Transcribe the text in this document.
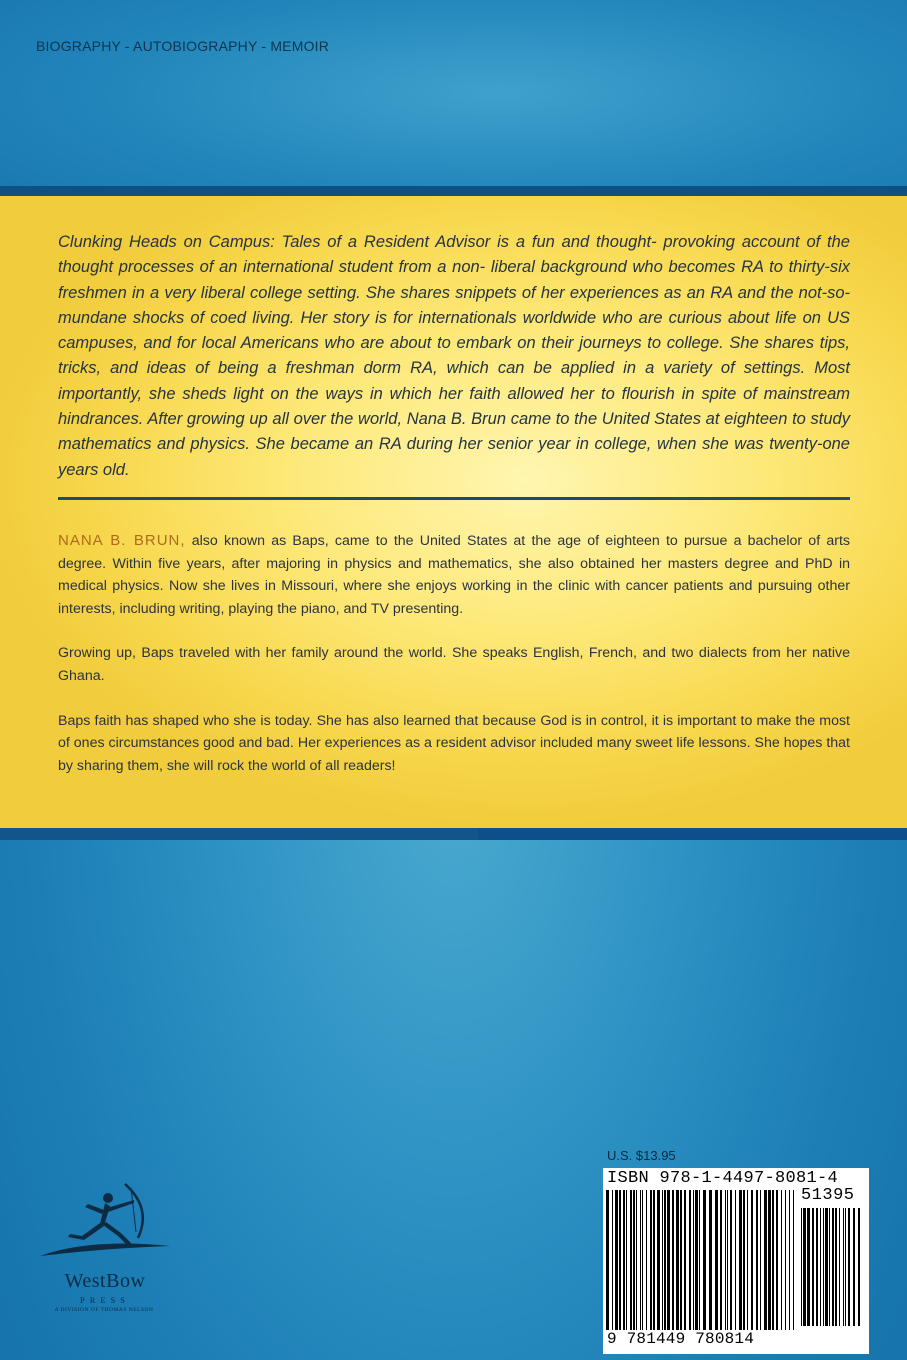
BIOGRAPHY - AUTOBIOGRAPHY - MEMOIR

Clunking Heads on Campus: Tales of a Resident Advisor is a fun and thought- provoking account of the thought processes of an international student from a non- liberal background who becomes RA to thirty-six freshmen in a very liberal college setting. She shares snippets of her experiences as an RA and the not-so-mundane shocks of coed living. Her story is for internationals worldwide who are curious about life on US campuses, and for local Americans who are about to embark on their journeys to college. She shares tips, tricks, and ideas of being a freshman dorm RA, which can be applied in a variety of settings. Most importantly, she sheds light on the ways in which her faith allowed her to flourish in spite of mainstream hindrances. After growing up all over the world, Nana B. Brun came to the United States at eighteen to study mathematics and physics. She became an RA during her senior year in college, when she was twenty-one years old.

NANA B. BRUN, also known as Baps, came to the United States at the age of eighteen to pursue a bachelor of arts degree. Within five years, after majoring in physics and mathematics, she also obtained her masters degree and PhD in medical physics. Now she lives in Missouri, where she enjoys working in the clinic with cancer patients and pursuing other interests, including writing, playing the piano, and TV presenting.

Growing up, Baps traveled with her family around the world. She speaks English, French, and two dialects from her native Ghana.

Baps faith has shaped who she is today. She has also learned that because God is in control, it is important to make the most of ones circumstances good and bad. Her experiences as a resident advisor included many sweet life lessons. She hopes that by sharing them, she will rock the world of all readers!

WestBow
PRESS
A DIVISION OF THOMAS NELSON
U.S. $13.95
ISBN 978-1-4497-8081-4
51395
9 781449 780814
